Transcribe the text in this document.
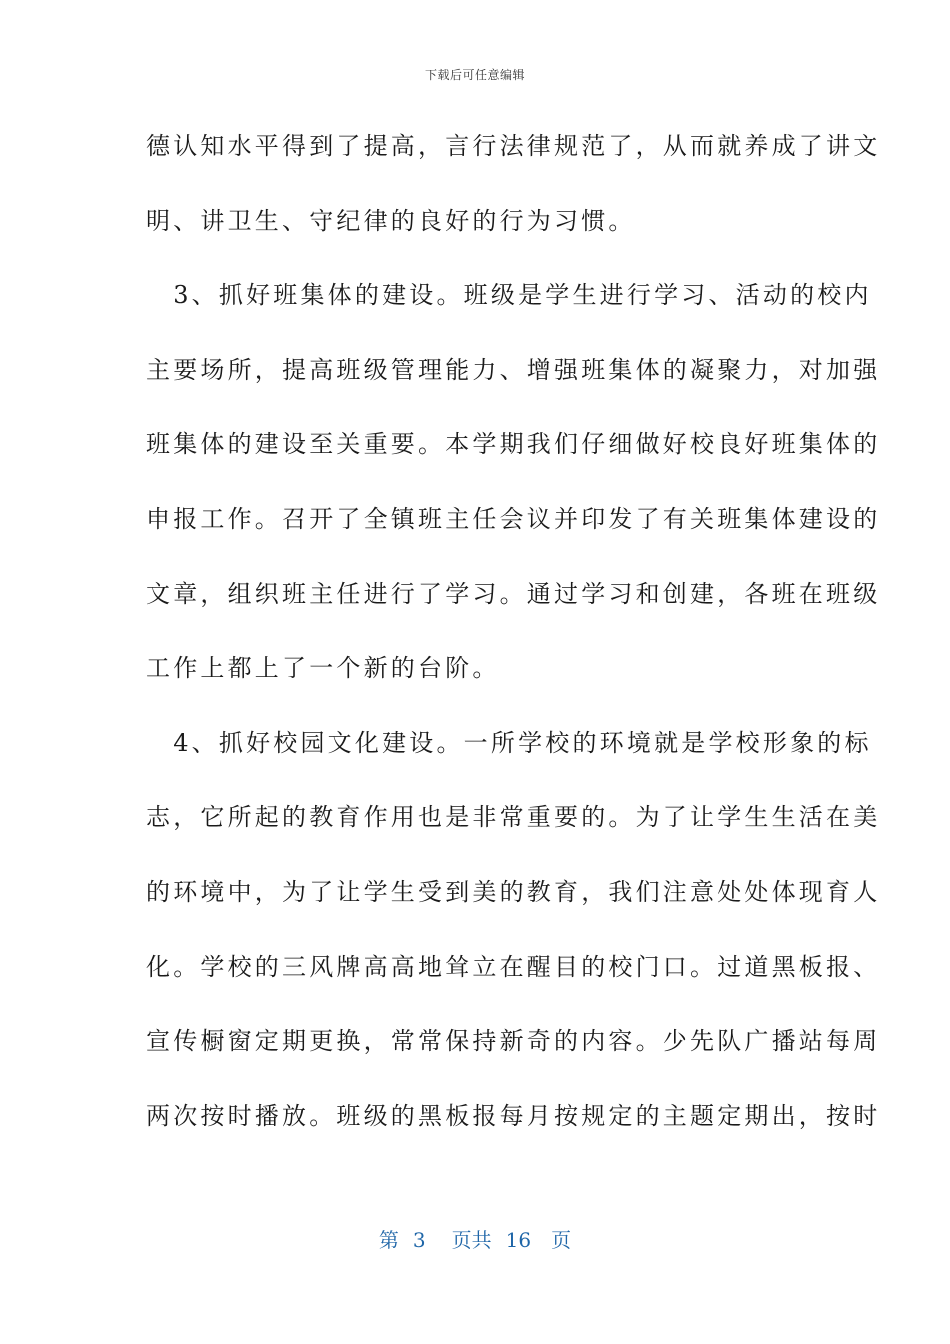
下载后可任意编辑
德认知水平得到了提高，言行法律规范了，从而就养成了讲文
明、讲卫生、守纪律的良好的行为习惯。
　3、抓好班集体的建设。班级是学生进行学习、活动的校内
主要场所，提高班级管理能力、增强班集体的凝聚力，对加强
班集体的建设至关重要。本学期我们仔细做好校良好班集体的
申报工作。召开了全镇班主任会议并印发了有关班集体建设的
文章，组织班主任进行了学习。通过学习和创建，各班在班级
工作上都上了一个新的台阶。
　4、抓好校园文化建设。一所学校的环境就是学校形象的标
志，它所起的教育作用也是非常重要的。为了让学生生活在美
的环境中，为了让学生受到美的教育，我们注意处处体现育人
化。学校的三风牌高高地耸立在醒目的校门口。过道黑板报、
宣传橱窗定期更换，常常保持新奇的内容。少先队广播站每周
两次按时播放。班级的黑板报每月按规定的主题定期出，按时
第 3 页共 16 页
